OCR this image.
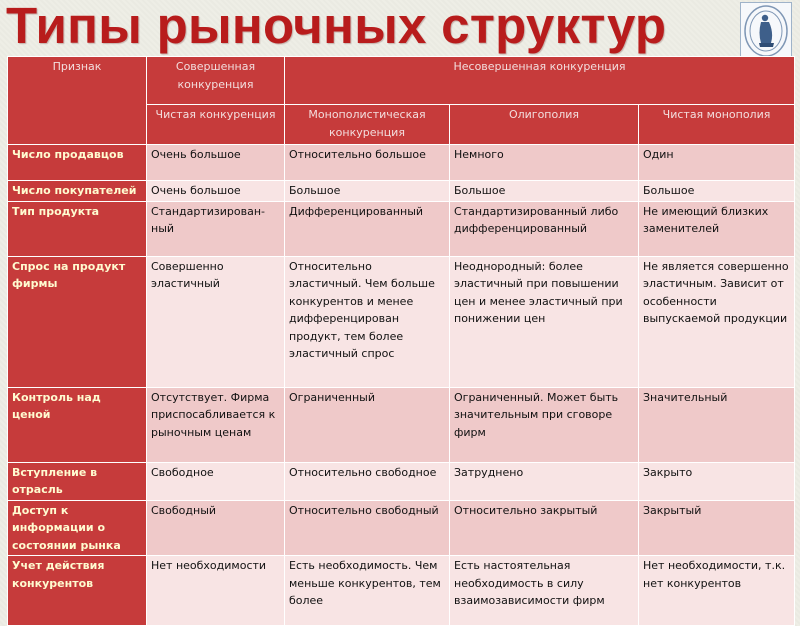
Типы рыночных структур
Признак	Совершенная конкуренция	Несовершенная конкуренция		
	Чистая конкуренция	Монополистическая конкуренция	Олигополия	Чистая монополия
Число продавцов	Очень большое	Относительно большое	Немного	Один
Число покупателей	Очень большое	Большое	Большое	Большое
Тип продукта	Стандартизирован-ный	Дифференцированный	Стандартизированный либо дифференцированный	Не имеющий близких заменителей
Спрос на продукт фирмы	Совершенно эластичный	Относительно эластичный. Чем больше конкурентов и менее дифференцирован продукт, тем более эластичный спрос	Неоднородный: более эластичный при повышении цен и менее эластичный при понижении цен	Не является совершенно эластичным. Зависит от особенности выпускаемой продукции
Контроль над ценой	Отсутствует. Фирма приспосабливается к рыночным ценам	Ограниченный	Ограниченный. Может быть значительным при сговоре фирм	Значительный
Вступление в отрасль	Свободное	Относительно свободное	Затруднено	Закрыто
Доступ к информации о состоянии рынка	Свободный	Относительно свободный	Относительно закрытый	Закрытый
Учет действия конкурентов	Нет необходимости	Есть необходимость. Чем меньше конкурентов, тем более	Есть настоятельная необходимость в силу взаимозависимости фирм	Нет необходимости, т.к. нет конкурентов
